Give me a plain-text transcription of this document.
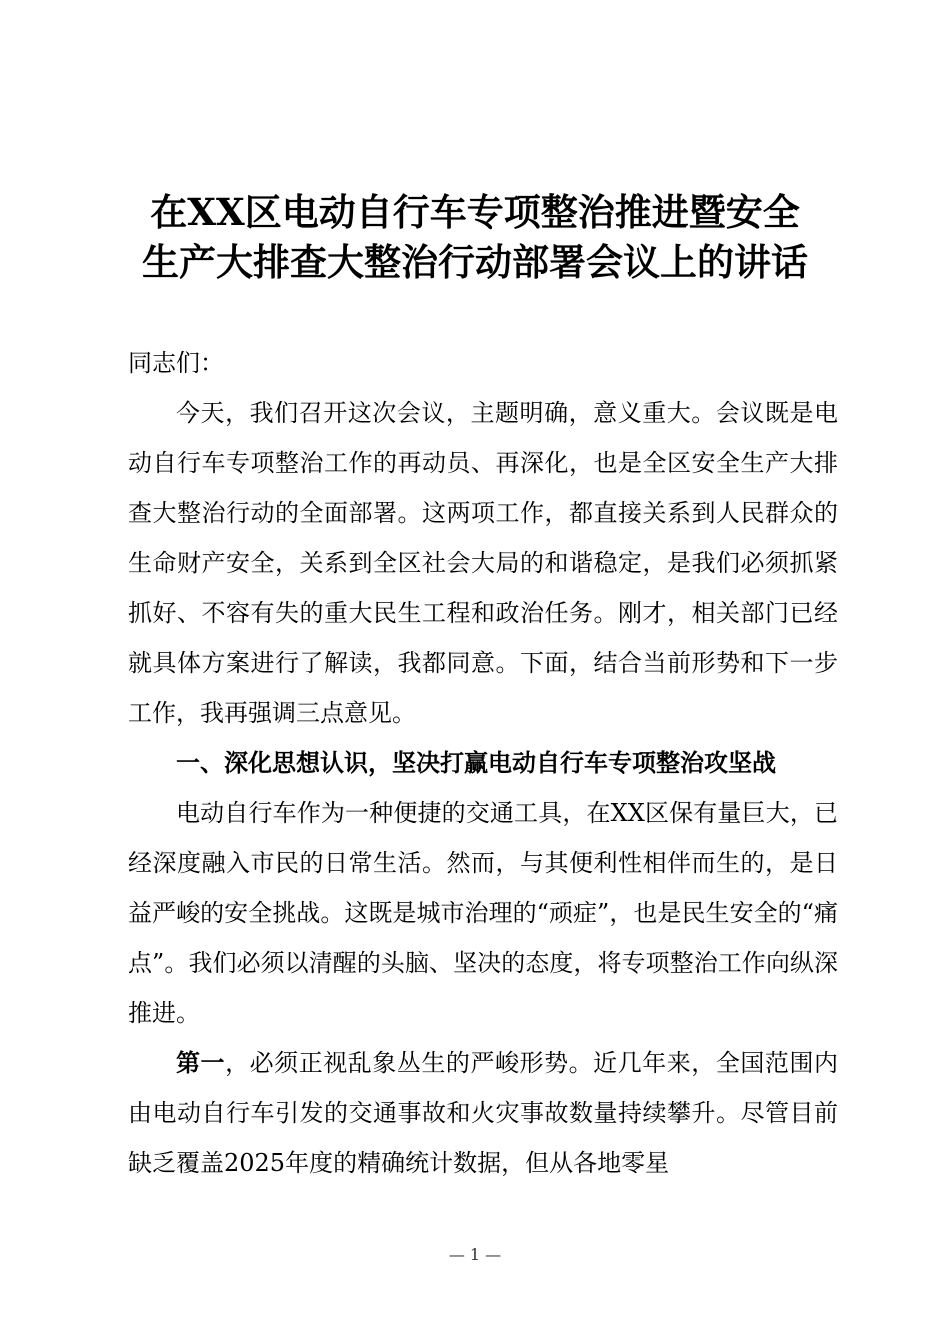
在XX区电动自行车专项整治推进暨安全
生产大排查大整治行动部署会议上的讲话

同志们：

今天，我们召开这次会议，主题明确，意义重大。会议既是电动自行车专项整治工作的再动员、再深化，也是全区安全生产大排查大整治行动的全面部署。这两项工作，都直接关系到人民群众的生命财产安全，关系到全区社会大局的和谐稳定，是我们必须抓紧抓好、不容有失的重大民生工程和政治任务。刚才，相关部门已经就具体方案进行了解读，我都同意。下面，结合当前形势和下一步工作，我再强调三点意见。

一、深化思想认识，坚决打赢电动自行车专项整治攻坚战

电动自行车作为一种便捷的交通工具，在XX区保有量巨大，已经深度融入市民的日常生活。然而，与其便利性相伴而生的，是日益严峻的安全挑战。这既是城市治理的“顽症”，也是民生安全的“痛点”。我们必须以清醒的头脑、坚决的态度，将专项整治工作向纵深推进。

第一，必须正视乱象丛生的严峻形势。近几年来，全国范围内由电动自行车引发的交通事故和火灾事故数量持续攀升。尽管目前缺乏覆盖2025年度的精确统计数据，但从各地零星

— 1 —
